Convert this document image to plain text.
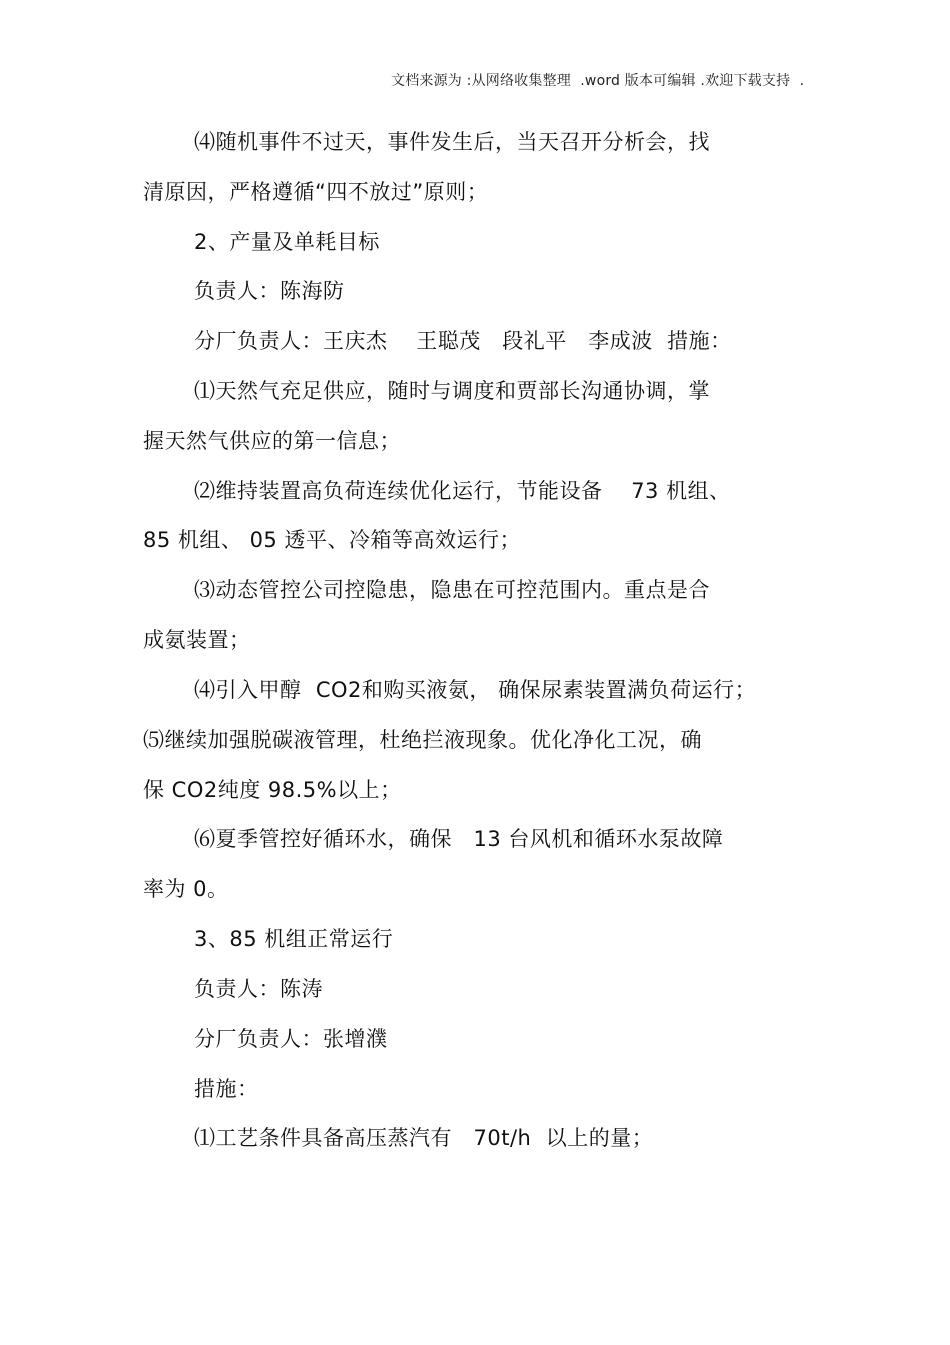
文档来源为 :从网络收集整理  .word 版本可编辑 .欢迎下载支持  .
⑷随机事件不过天，事件发生后，当天召开分析会，找
清原因，严格遵循“四不放过”原则；
2、产量及单耗目标
负责人：陈海防
分厂负责人：王庆杰    王聪茂   段礼平   李成波  措施：
⑴天然气充足供应，随时与调度和贾部长沟通协调，掌
握天然气供应的第一信息；
⑵维持装置高负荷连续优化运行，节能设备    73 机组、
85 机组、 05 透平、冷箱等高效运行；
⑶动态管控公司控隐患，隐患在可控范围内。重点是合
成氨装置；
⑷引入甲醇  CO2和购买液氨， 确保尿素装置满负荷运行；
⑸继续加强脱碳液管理，杜绝拦液现象。优化净化工况，确
保 CO2纯度 98.5%以上；
⑹夏季管控好循环水，确保   13 台风机和循环水泵故障
率为 0。
3、85 机组正常运行
负责人：陈涛
分厂负责人：张增濮
措施：
⑴工艺条件具备高压蒸汽有   70t/h  以上的量；
